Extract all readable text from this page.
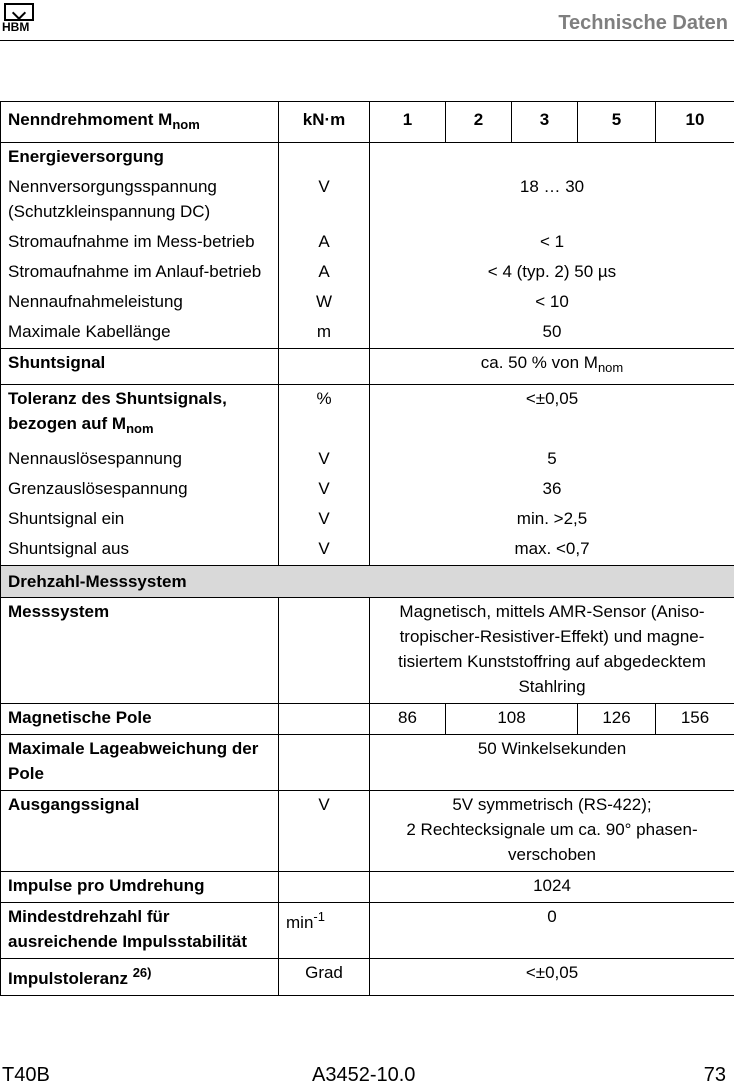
HBM	Technische Daten
Nenndrehmoment $M_{nom}$	kN·m	1	2	3	5	10
Energieversorgung						
Nennversorgungsspannung (Schutzkleinspannung DC)	V	18 … 30				
Stromaufnahme im Mess-betrieb	A	< 1				
Stromaufnahme im Anlauf-betrieb	A	< 4 (typ. 2) 50 µs				
Nennaufnahmeleistung	W	< 10				
Maximale Kabellänge	m	50				
Shuntsignal		ca. 50 % von $M_{nom}$
Toleranz des Shuntsignals, bezogen auf $M_{nom}$	%	<±0,05				
Nennauslösespannung	V	5				
Grenzauslösespannung	V	36				
Shuntsignal ein	V	min. >2,5				
Shuntsignal aus	V	max. <0,7				
Drehzahl-Messsystem						
Messsystem		Magnetisch, mittels AMR-Sensor (Aniso-tropischer-Resistiver-Effekt) und magne-tisiertem Kunststoffring auf abgedecktem Stahlring				
Magnetische Pole		86	108		126	156
Maximale Lageabweichung der Pole		50 Winkelsekunden				
Ausgangssignal	V	5V symmetrisch (RS-422);
2 Rechtecksignale um ca. 90° phasen-verschoben				

Impulse pro Umdrehung		1024				
Mindestdrehzahl für ausreichende Impulsstabilität	$\min^{-1}$	0				
Impulstoleranz $^{26)}$	Grad	<±0,05				
T40B	A3452-10.0	73
